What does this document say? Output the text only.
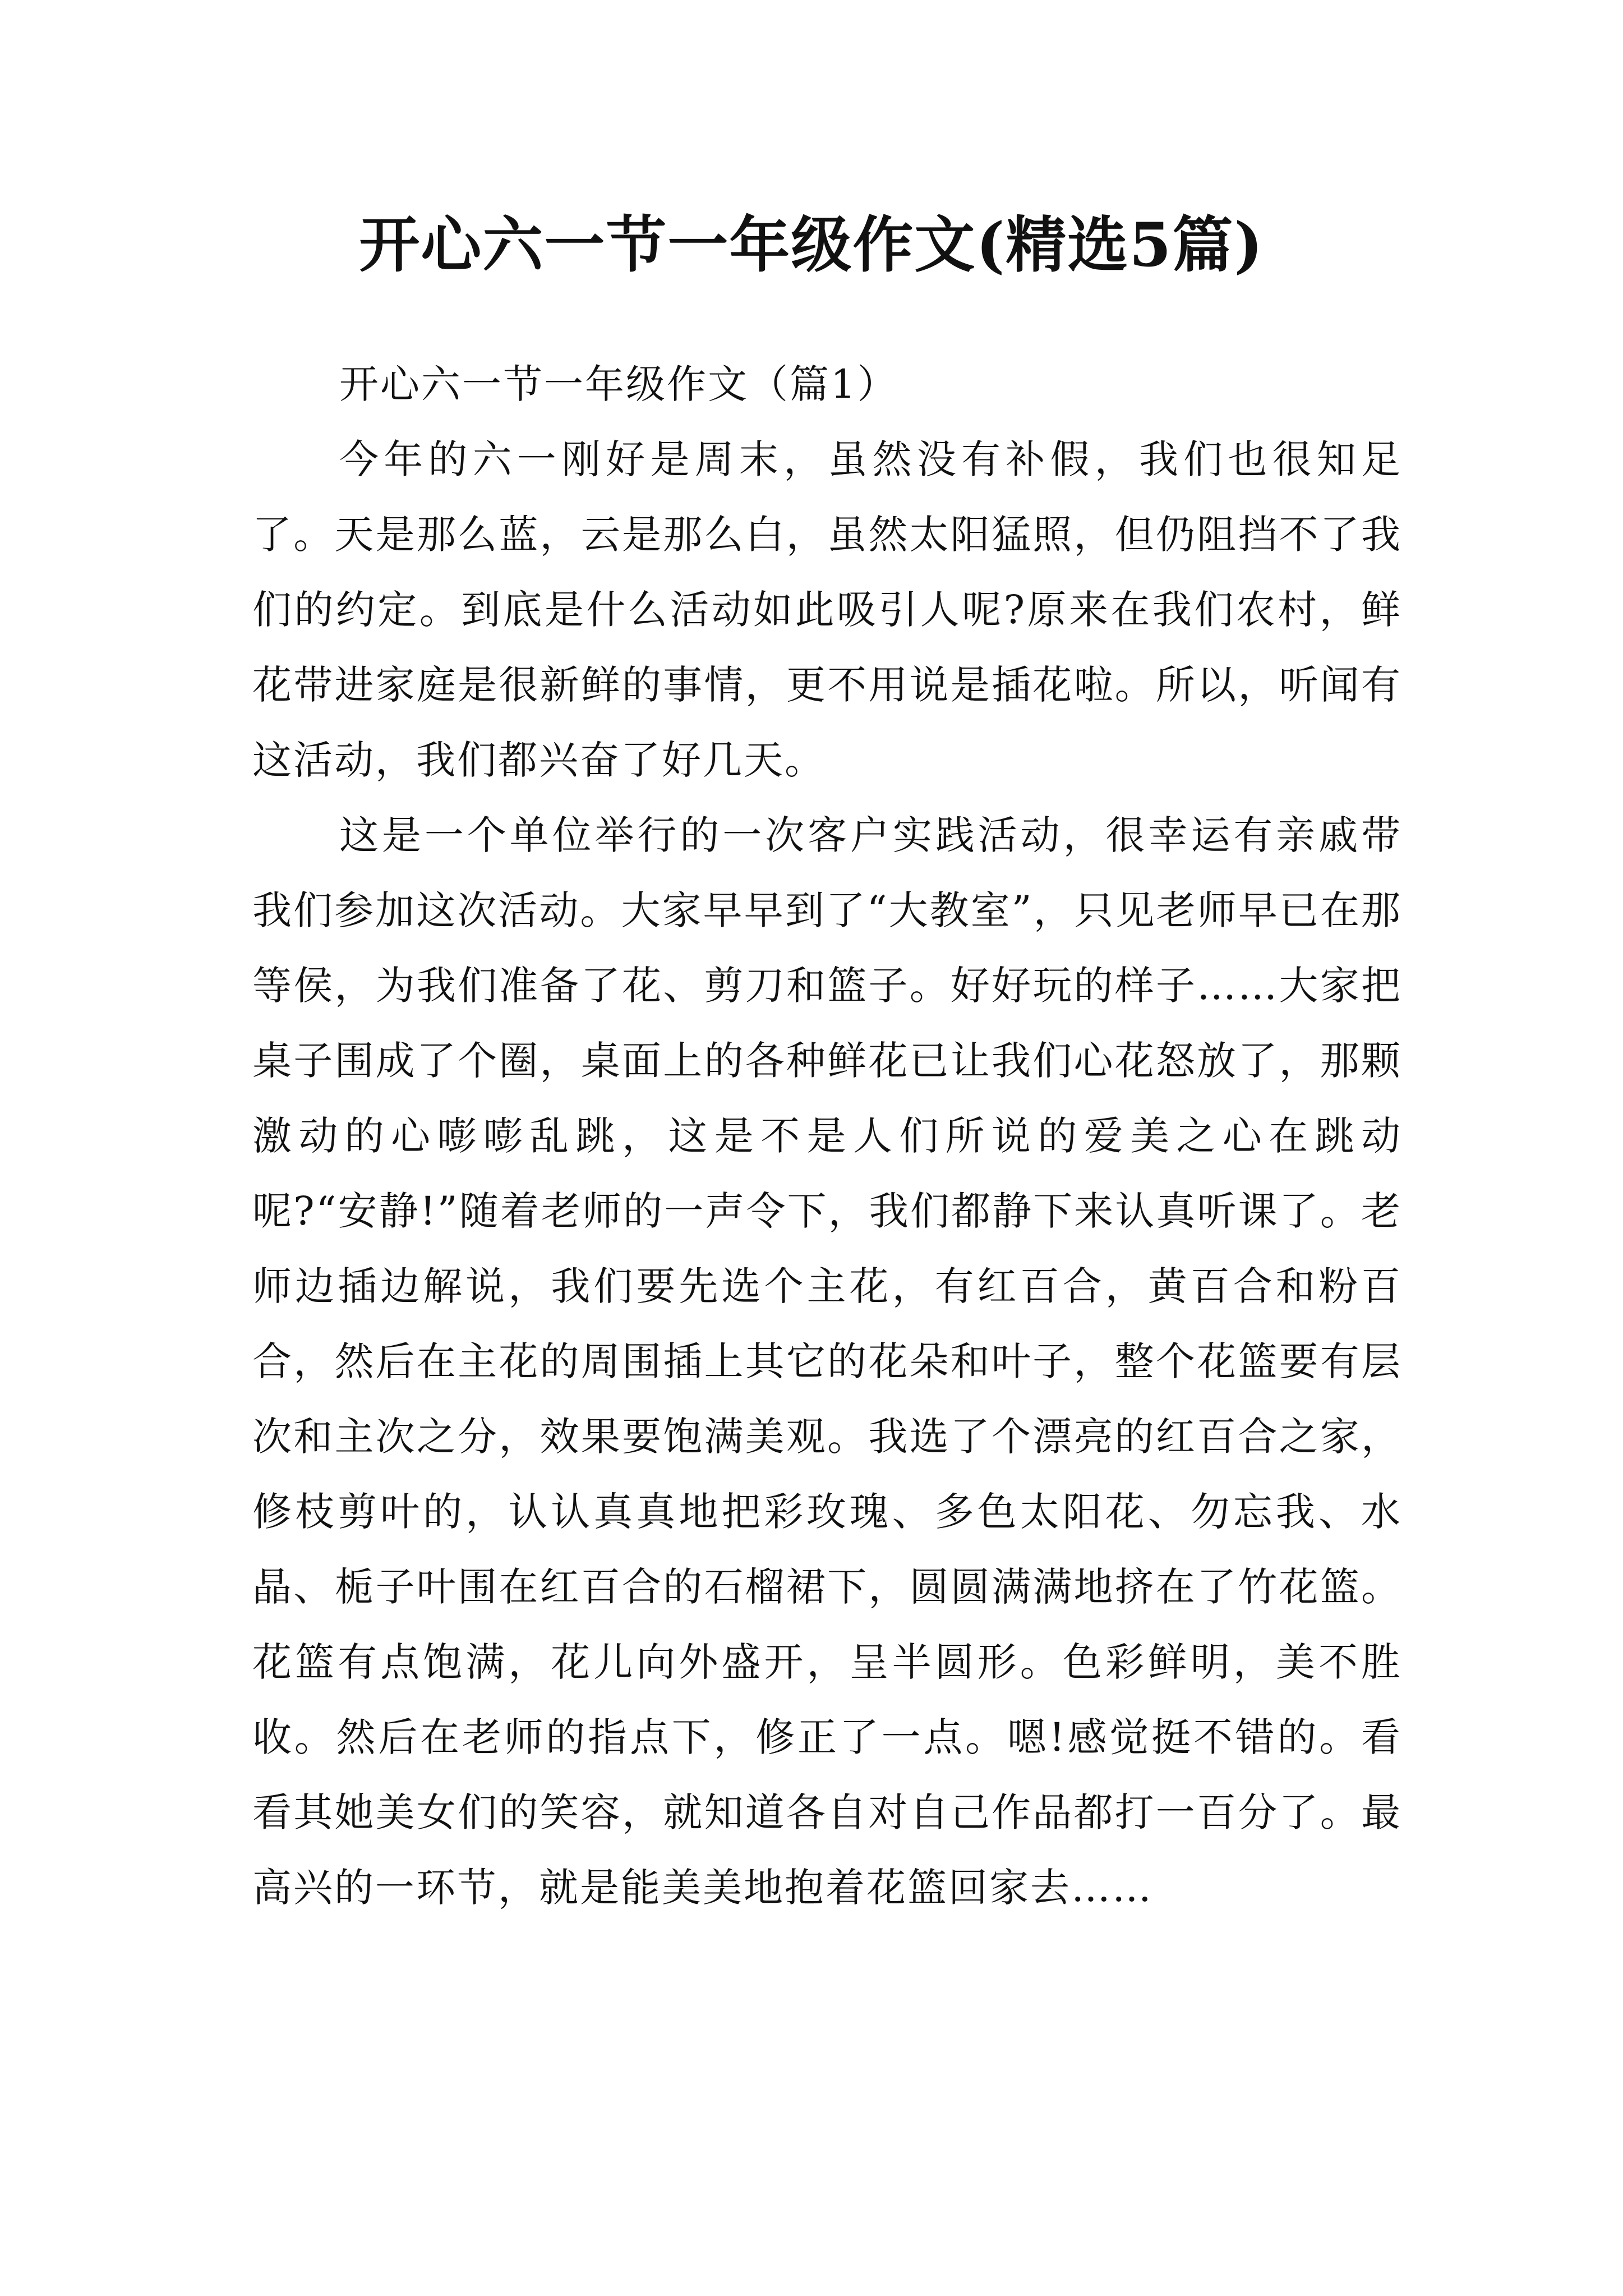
开心六一节一年级作文(精选5篇)
开心六一节一年级作文（篇1）

今年的六一刚好是周末，虽然没有补假，我们也很知足了。天是那么蓝，云是那么白，虽然太阳猛照，但仍阻挡不了我们的约定。到底是什么活动如此吸引人呢?原来在我们农村，鲜花带进家庭是很新鲜的事情，更不用说是插花啦。所以，听闻有这活动，我们都兴奋了好几天。

这是一个单位举行的一次客户实践活动，很幸运有亲戚带我们参加这次活动。大家早早到了“大教室”，只见老师早已在那等侯，为我们准备了花、剪刀和篮子。好好玩的样子……大家把桌子围成了个圈，桌面上的各种鲜花已让我们心花怒放了，那颗激动的心嘭嘭乱跳，这是不是人们所说的爱美之心在跳动呢?“安静!”随着老师的一声令下，我们都静下来认真听课了。老师边插边解说，我们要先选个主花，有红百合，黄百合和粉百合，然后在主花的周围插上其它的花朵和叶子，整个花篮要有层次和主次之分，效果要饱满美观。我选了个漂亮的红百合之家，修枝剪叶的，认认真真地把彩玫瑰、多色太阳花、勿忘我、水晶、栀子叶围在红百合的石榴裙下，圆圆满满地挤在了竹花篮。花篮有点饱满，花儿向外盛开，呈半圆形。色彩鲜明，美不胜收。然后在老师的指点下，修正了一点。嗯!感觉挺不错的。看看其她美女们的笑容，就知道各自对自己作品都打一百分了。最高兴的一环节，就是能美美地抱着花篮回家去……
